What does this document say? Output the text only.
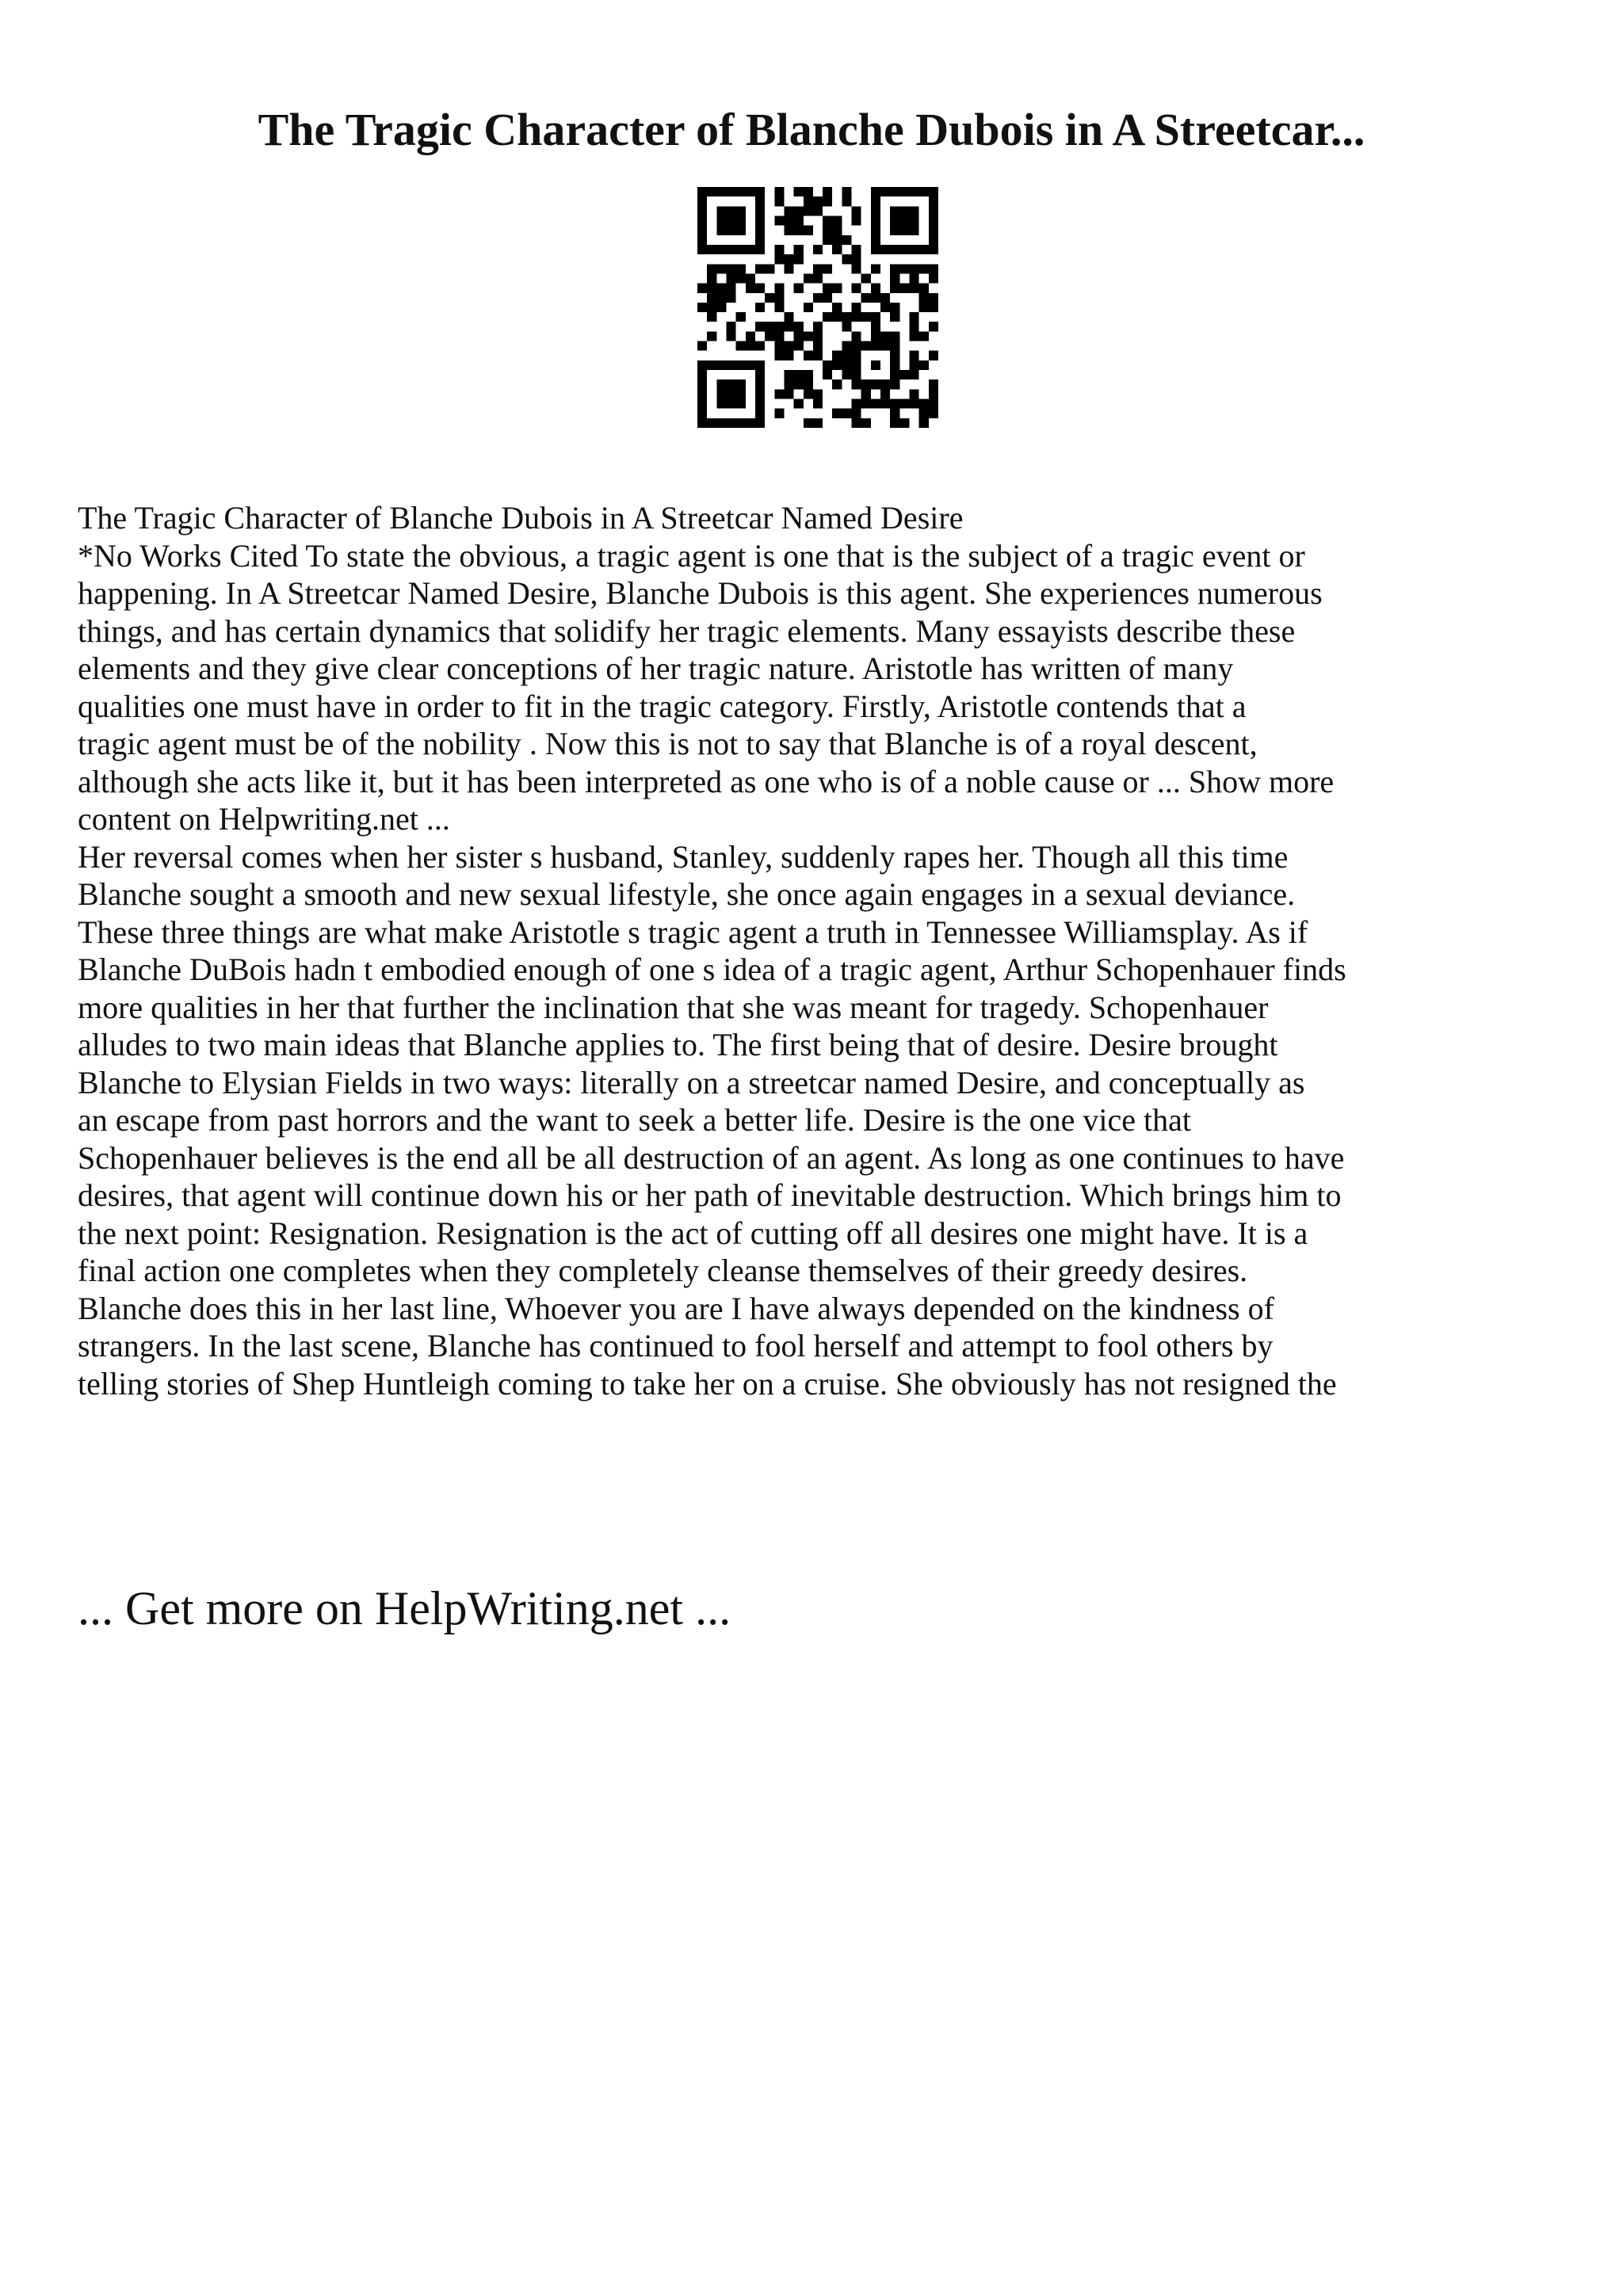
The Tragic Character of Blanche Dubois in A Streetcar...
The Tragic Character of Blanche Dubois in A Streetcar Named Desire
*No Works Cited To state the obvious, a tragic agent is one that is the subject of a tragic event or
happening. In A Streetcar Named Desire, Blanche Dubois is this agent. She experiences numerous
things, and has certain dynamics that solidify her tragic elements. Many essayists describe these
elements and they give clear conceptions of her tragic nature. Aristotle has written of many
qualities one must have in order to fit in the tragic category. Firstly, Aristotle contends that a
tragic agent must be of the nobility . Now this is not to say that Blanche is of a royal descent,
although she acts like it, but it has been interpreted as one who is of a noble cause or ... Show more
content on Helpwriting.net ...
Her reversal comes when her sister s husband, Stanley, suddenly rapes her. Though all this time
Blanche sought a smooth and new sexual lifestyle, she once again engages in a sexual deviance.
These three things are what make Aristotle s tragic agent a truth in Tennessee Williamsplay. As if
Blanche DuBois hadn t embodied enough of one s idea of a tragic agent, Arthur Schopenhauer finds
more qualities in her that further the inclination that she was meant for tragedy. Schopenhauer
alludes to two main ideas that Blanche applies to. The first being that of desire. Desire brought
Blanche to Elysian Fields in two ways: literally on a streetcar named Desire, and conceptually as
an escape from past horrors and the want to seek a better life. Desire is the one vice that
Schopenhauer believes is the end all be all destruction of an agent. As long as one continues to have
desires, that agent will continue down his or her path of inevitable destruction. Which brings him to
the next point: Resignation. Resignation is the act of cutting off all desires one might have. It is a
final action one completes when they completely cleanse themselves of their greedy desires.
Blanche does this in her last line, Whoever you are I have always depended on the kindness of
strangers. In the last scene, Blanche has continued to fool herself and attempt to fool others by
telling stories of Shep Huntleigh coming to take her on a cruise. She obviously has not resigned the

... Get more on HelpWriting.net ...
